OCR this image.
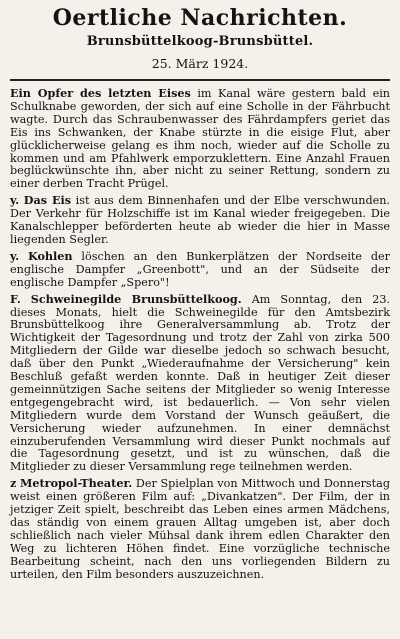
Oertliche Nachrichten.
Brunsbüttelkoog-Brunsbüttel.
25. März 1924.

Ein Opfer des letzten Eises im Kanal wäre gestern bald ein Schulknabe geworden, der sich auf eine Scholle in der Fährbucht wagte. Durch das Schraubenwasser des Fährdampfers geriet das Eis ins Schwanken, der Knabe stürzte in die eisige Flut, aber glücklicherweise gelang es ihm noch, wieder auf die Scholle zu kommen und am Pfahlwerk emporzuklettern. Eine Anzahl Frauen beglückwünschte ihn, aber nicht zu seiner Rettung, sondern zu einer derben Tracht Prügel.

y. Das Eis ist aus dem Binnenhafen und der Elbe verschwunden. Der Verkehr für Holzschiffe ist im Kanal wieder freigegeben. Die Kanalschlepper beförderten heute ab wieder die hier in Masse liegenden Segler.

y. Kohlen löschen an den Bunkerplätzen der Nordseite der englische Dampfer „Greenbott", und an der Südseite der englische Dampfer „Spero"!

F. Schweinegilde Brunsbüttelkoog. Am Sonntag, den 23. dieses Monats, hielt die Schweinegilde für den Amtsbezirk Brunsbüttelkoog ihre Generalversammlung ab. Trotz der Wichtigkeit der Tagesordnung und trotz der Zahl von zirka 500 Mitgliedern der Gilde war dieselbe jedoch so schwach besucht, daß über den Punkt „Wiederaufnahme der Versicherung" kein Beschluß gefaßt werden konnte. Daß in heutiger Zeit dieser gemeinnützigen Sache seitens der Mitglieder so wenig Interesse entgegengebracht wird, ist bedauerlich. — Von sehr vielen Mitgliedern wurde dem Vorstand der Wunsch geäußert, die Versicherung wieder aufzunehmen. In einer demnächst einzuberufenden Versammlung wird dieser Punkt nochmals auf die Tagesordnung gesetzt, und ist zu wünschen, daß die Mitglieder zu dieser Versammlung rege teilnehmen werden.

z Metropol-Theater. Der Spielplan von Mittwoch und Donnerstag weist einen größeren Film auf: „Divankatzen". Der Film, der in jetziger Zeit spielt, beschreibt das Leben eines armen Mädchens, das ständig von einem grauen Alltag umgeben ist, aber doch schließlich nach vieler Mühsal dank ihrem edlen Charakter den Weg zu lichteren Höhen findet. Eine vorzügliche technische Bearbeitung scheint, nach den uns vorliegenden Bildern zu urteilen, den Film besonders auszuzeichnen.
